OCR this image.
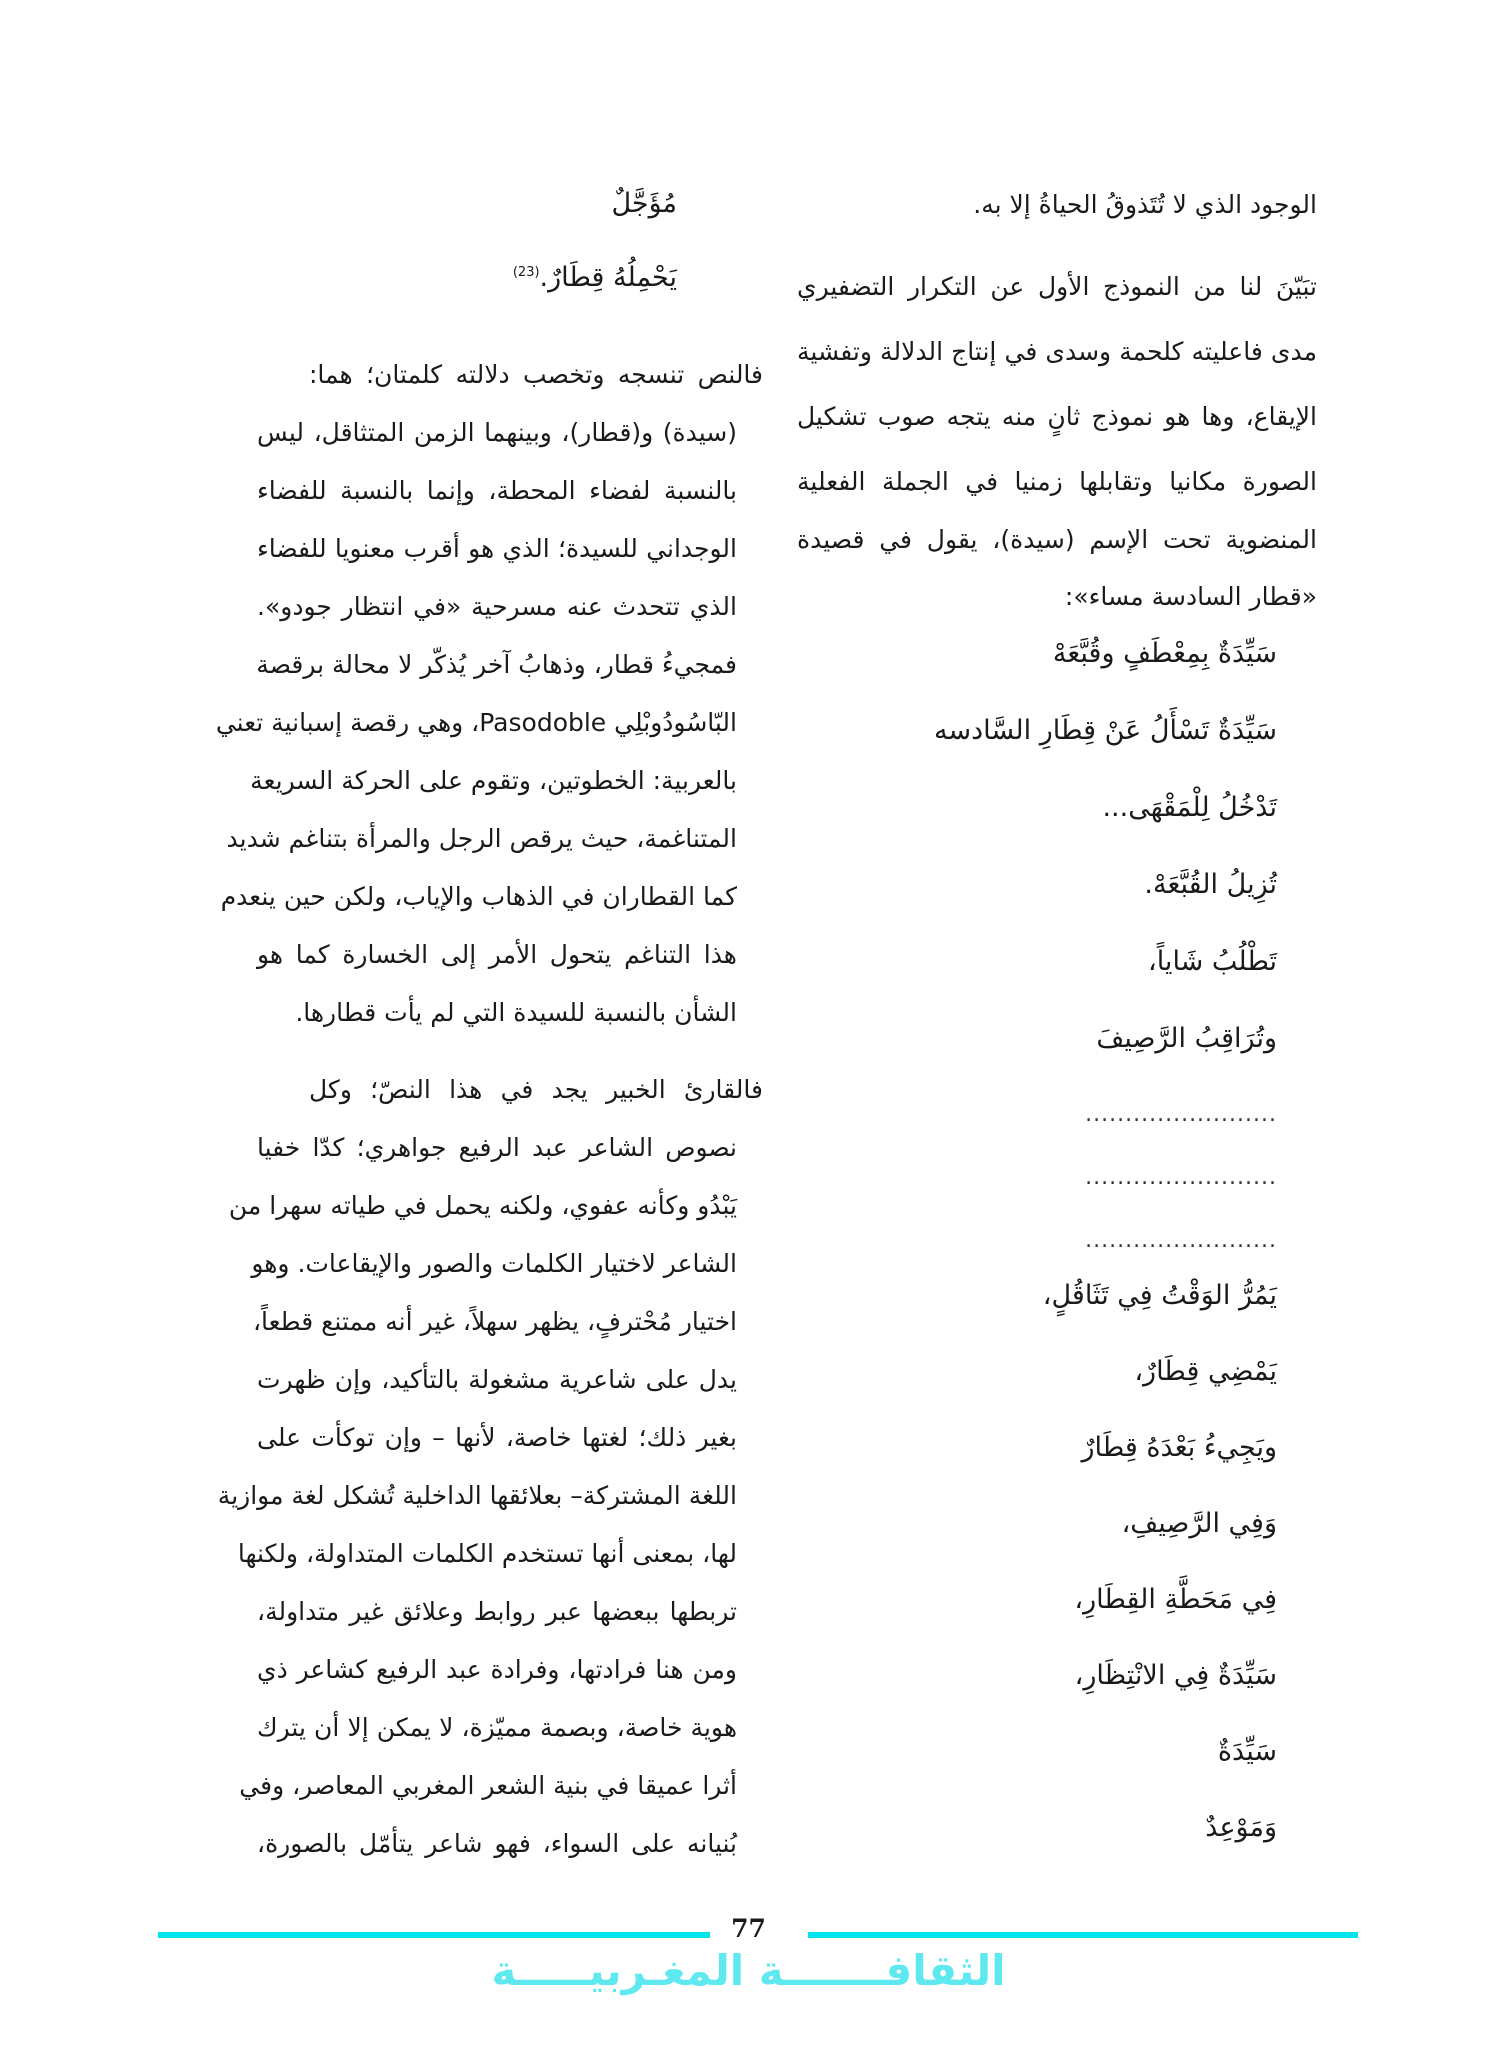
الوجود الذي لا تُتَذوقُ الحياةُ إلا به.
تبَيّنَ لنا من النموذج الأول عن التكرار التضفيري
مدى فاعليته كلحمة وسدى في إنتاج الدلالة وتفشية
الإيقاع، وها هو نموذج ثانٍ منه يتجه صوب تشكيل
الصورة مكانيا وتقابلها زمنيا في الجملة الفعلية
المنضوية تحت الإسم (سيدة)، يقول في قصيدة
«قطار السادسة مساء»:
سَيِّدَةٌ بِمِعْطَفٍ وقُبَّعَهْ
سَيِّدَةٌ تَسْأَلُ عَنْ قِطَارِ السَّادسه
تَدْخُلُ لِلْمَقْهَى...
تُزِيلُ القُبَّعَهْ.
تَطْلُبُ شَاياً،
وتُرَاقِبُ الرَّصِيفَ
........................
........................
........................
يَمُرُّ الوَقْتُ فِي تَثَاقُلٍ،
يَمْضِي قِطَارٌ،
ويَجِيءُ بَعْدَهُ قِطَارٌ
وَفِي الرَّصِيفِ،
فِي مَحَطَّةِ القِطَارِ،
سَيِّدَةٌ فِي الانْتِظَارِ،
سَيِّدَةٌ
وَمَوْعِدٌ
مُؤَجَّلٌ
يَحْمِلُهُ قِطَارٌ.$^{(23)}$
فالنص تنسجه وتخصب دلالته كلمتان؛ هما:
(سيدة) و(قطار)، وبينهما الزمن المتثاقل، ليس
بالنسبة لفضاء المحطة، وإنما بالنسبة للفضاء
الوجداني للسيدة؛ الذي هو أقرب معنويا للفضاء
الذي تتحدث عنه مسرحية «في انتظار جودو».
فمجيءُ قطار، وذهابُ آخر يُذكّر لا محالة برقصة
البّاسُودُوبْلِي Pasodoble، وهي رقصة إسبانية تعني
بالعربية: الخطوتين، وتقوم على الحركة السريعة
المتناغمة، حيث يرقص الرجل والمرأة بتناغم شديد
كما القطاران في الذهاب والإياب، ولكن حين ينعدم
هذا التناغم يتحول الأمر إلى الخسارة كما هو
الشأن بالنسبة للسيدة التي لم يأت قطارها.
فالقارئ الخبير يجد في هذا النصّ؛ وكل
نصوص الشاعر عبد الرفيع جواهري؛ كدّا خفيا
يَبْدُو وكأنه عفوي، ولكنه يحمل في طياته سهرا من
الشاعر لاختيار الكلمات والصور والإيقاعات. وهو
اختيار مُحْترفٍ، يظهر سهلاً، غير أنه ممتنع قطعاً،
يدل على شاعرية مشغولة بالتأكيد، وإن ظهرت
بغير ذلك؛ لغتها خاصة، لأنها – وإن توكأت على
اللغة المشتركة– بعلائقها الداخلية تُشكل لغة موازية
لها، بمعنى أنها تستخدم الكلمات المتداولة، ولكنها
تربطها ببعضها عبر روابط وعلائق غير متداولة،
ومن هنا فرادتها، وفرادة عبد الرفيع كشاعر ذي
هوية خاصة، وبصمة مميّزة، لا يمكن إلا أن يترك
أثرا عميقا في بنية الشعر المغربي المعاصر، وفي
بُنيانه على السواء، فهو شاعر يتأمّل بالصورة،
77
الثقافـــــــة المغـربيـــــة
